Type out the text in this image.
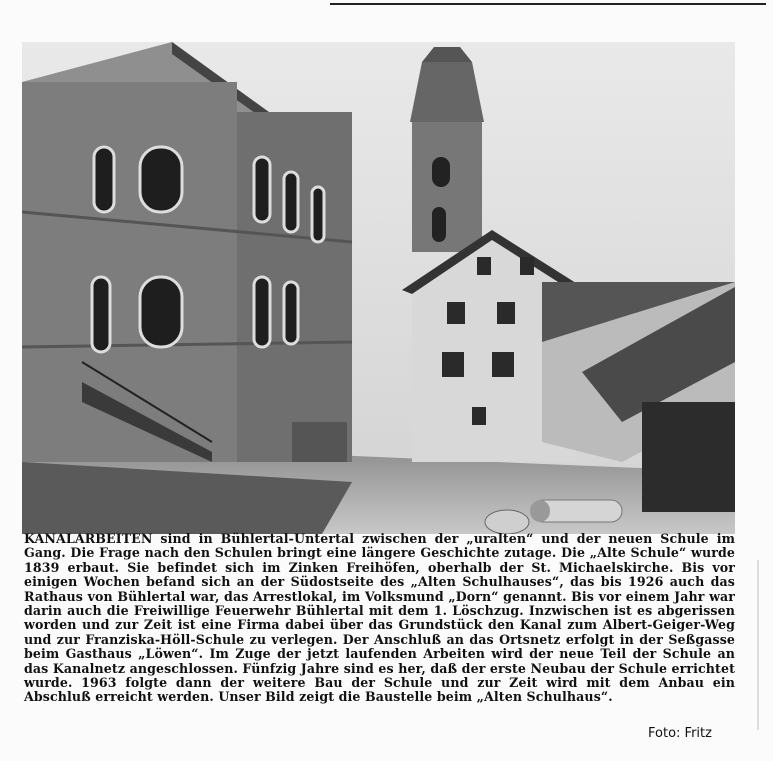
KANALARBEITEN sind in Bühlertal-Untertal zwischen der „uralten“ und der neuen Schule im Gang. Die Frage nach den Schulen bringt eine längere Geschichte zutage. Die „Alte Schule“ wurde 1839 erbaut. Sie befindet sich im Zinken Freihöfen, oberhalb der St. Michaelskirche. Bis vor einigen Wochen befand sich an der Südostseite des „Alten Schulhauses“, das bis 1926 auch das Rathaus von Bühlertal war, das Arrestlokal, im Volksmund „Dorn“ genannt. Bis vor einem Jahr war darin auch die Freiwillige Feuerwehr Bühlertal mit dem 1. Löschzug. Inzwischen ist es abgerissen worden und zur Zeit ist eine Firma dabei über das Grundstück den Kanal zum Albert-Geiger-Weg und zur Franziska-Höll-Schule zu verlegen. Der Anschluß an das Ortsnetz erfolgt in der Seßgasse beim Gasthaus „Löwen“. Im Zuge der jetzt laufenden Arbeiten wird der neue Teil der Schule an das Kanalnetz angeschlossen. Fünfzig Jahre sind es her, daß der erste Neubau der Schule errichtet wurde. 1963 folgte dann der weitere Bau der Schule und zur Zeit wird mit dem Anbau ein Abschluß erreicht werden. Unser Bild zeigt die Baustelle beim „Alten Schulhaus“.
Foto: Fritz
